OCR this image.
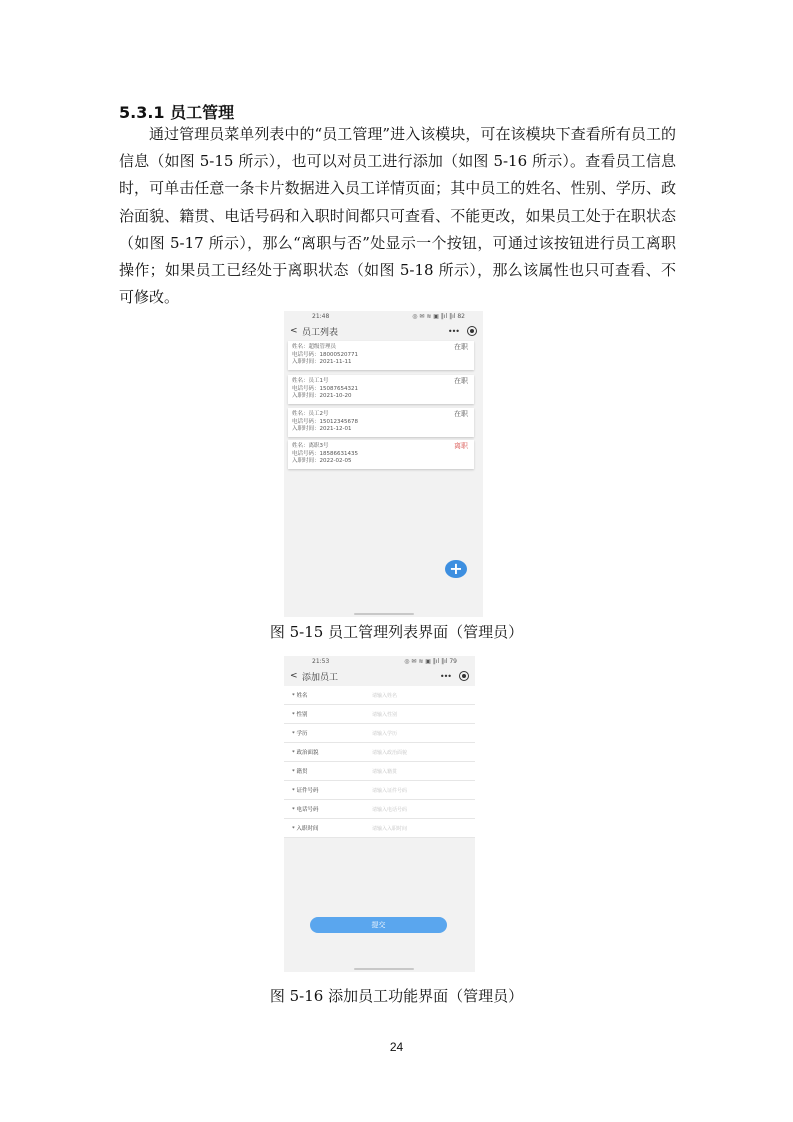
5.3.1 员工管理

通过管理员菜单列表中的“员工管理”进入该模块，可在该模块下查看所有员工的信息（如图 5-15 所示），也可以对员工进行添加（如图 5-16 所示）。查看员工信息时，可单击任意一条卡片数据进入员工详情页面；其中员工的姓名、性别、学历、政治面貌、籍贯、电话号码和入职时间都只可查看、不能更改，如果员工处于在职状态（如图 5-17 所示），那么“离职与否”处显示一个按钮，可通过该按钮进行员工离职操作；如果员工已经处于离职状态（如图 5-18 所示），那么该属性也只可查看、不可修改。

21:48	◎ ✉ ≋ ▣ ‖ıl ‖ıl 82
< 员工列表	•••
姓名：超级管理员
电话号码：18000520771
入职时间：2021-11-11
在职
姓名：员工1号
电话号码：15087654321
入职时间：2021-10-20
在职
姓名：员工2号
电话号码：15012345678
入职时间：2021-12-01
在职
姓名：离职3号
电话号码：18586631435
入职时间：2022-02-05
离职
+
图 5-15 员工管理列表界面（管理员）
21:53	◎ ✉ ≋ ▣ ‖ıl ‖ıl 79
< 添加员工	•••
* 姓名	请输入姓名
* 性别	请输入性别
* 学历	请输入学历
* 政治面貌	请输入政治面貌
* 籍贯	请输入籍贯
* 证件号码	请输入证件号码
* 电话号码	请输入电话号码
* 入职时间	请输入入职时间
提交
图 5-16 添加员工功能界面（管理员）
24
